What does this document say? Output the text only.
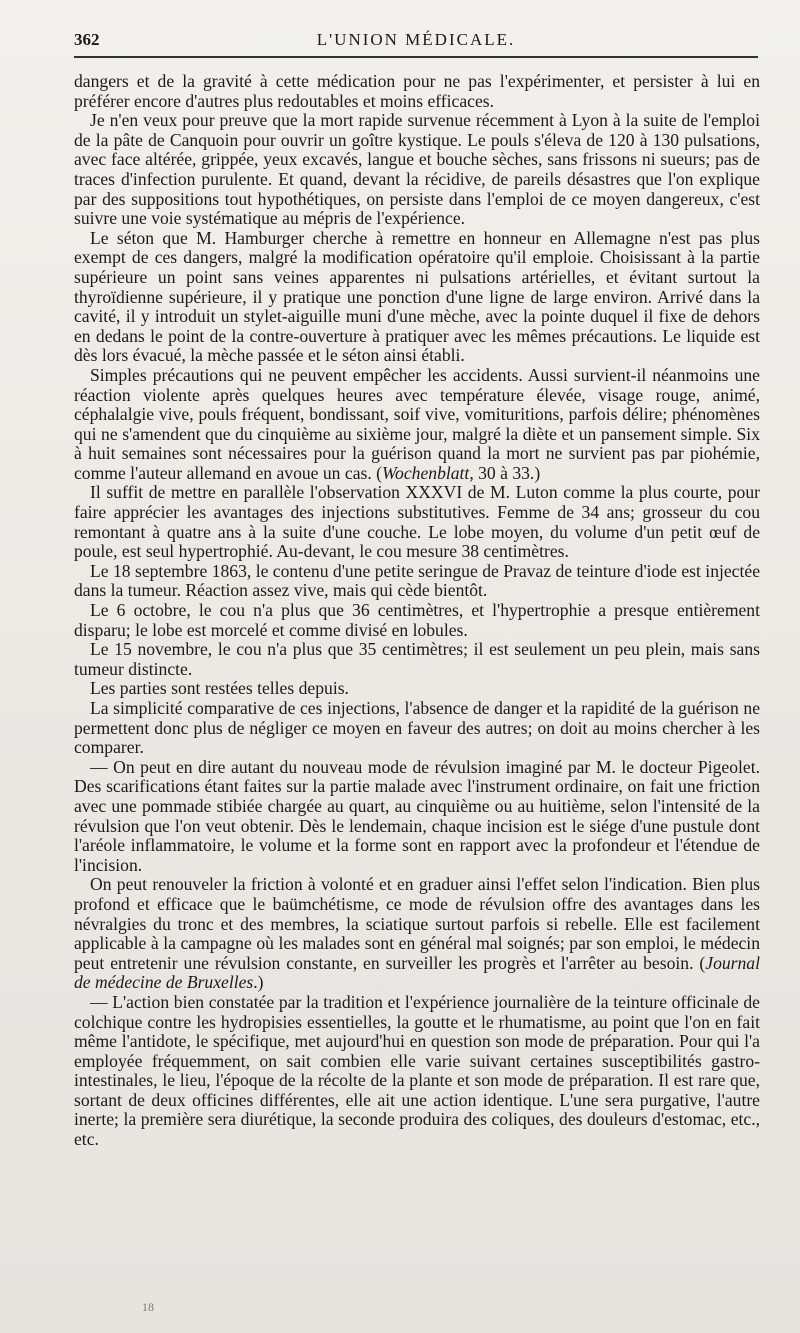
362	L'UNION MÉDICALE.

dangers et de la gravité à cette médication pour ne pas l'expérimenter, et persister à lui en préférer encore d'autres plus redoutables et moins efficaces.

Je n'en veux pour preuve que la mort rapide survenue récemment à Lyon à la suite de l'emploi de la pâte de Canquoin pour ouvrir un goître kystique. Le pouls s'éleva de 120 à 130 pulsations, avec face altérée, grippée, yeux excavés, langue et bouche sèches, sans frissons ni sueurs; pas de traces d'infection purulente. Et quand, devant la récidive, de pareils désastres que l'on explique par des suppositions tout hypothétiques, on persiste dans l'emploi de ce moyen dangereux, c'est suivre une voie systématique au mépris de l'expérience.

Le séton que M. Hamburger cherche à remettre en honneur en Allemagne n'est pas plus exempt de ces dangers, malgré la modification opératoire qu'il emploie. Choisissant à la partie supérieure un point sans veines apparentes ni pulsations artérielles, et évitant surtout la thyroïdienne supérieure, il y pratique une ponction d'une ligne de large environ. Arrivé dans la cavité, il y introduit un stylet-aiguille muni d'une mèche, avec la pointe duquel il fixe de dehors en dedans le point de la contre-ouverture à pratiquer avec les mêmes précautions. Le liquide est dès lors évacué, la mèche passée et le séton ainsi établi.

Simples précautions qui ne peuvent empêcher les accidents. Aussi survient-il néanmoins une réaction violente après quelques heures avec température élevée, visage rouge, animé, céphalalgie vive, pouls fréquent, bondissant, soif vive, vomituritions, parfois délire; phénomènes qui ne s'amendent que du cinquième au sixième jour, malgré la diète et un pansement simple. Six à huit semaines sont nécessaires pour la guérison quand la mort ne survient pas par piohémie, comme l'auteur allemand en avoue un cas. (Wochenblatt, 30 à 33.)

Il suffit de mettre en parallèle l'observation XXXVI de M. Luton comme la plus courte, pour faire apprécier les avantages des injections substitutives. Femme de 34 ans; grosseur du cou remontant à quatre ans à la suite d'une couche. Le lobe moyen, du volume d'un petit œuf de poule, est seul hypertrophié. Au-devant, le cou mesure 38 centimètres.

Le 18 septembre 1863, le contenu d'une petite seringue de Pravaz de teinture d'iode est injectée dans la tumeur. Réaction assez vive, mais qui cède bientôt.

Le 6 octobre, le cou n'a plus que 36 centimètres, et l'hypertrophie a presque entièrement disparu; le lobe est morcelé et comme divisé en lobules.

Le 15 novembre, le cou n'a plus que 35 centimètres; il est seulement un peu plein, mais sans tumeur distincte.

Les parties sont restées telles depuis.

La simplicité comparative de ces injections, l'absence de danger et la rapidité de la guérison ne permettent donc plus de négliger ce moyen en faveur des autres; on doit au moins chercher à les comparer.

— On peut en dire autant du nouveau mode de révulsion imaginé par M. le docteur Pigeolet. Des scarifications étant faites sur la partie malade avec l'instrument ordinaire, on fait une friction avec une pommade stibiée chargée au quart, au cinquième ou au huitième, selon l'intensité de la révulsion que l'on veut obtenir. Dès le lendemain, chaque incision est le siége d'une pustule dont l'aréole inflammatoire, le volume et la forme sont en rapport avec la profondeur et l'étendue de l'incision.

On peut renouveler la friction à volonté et en graduer ainsi l'effet selon l'indication. Bien plus profond et efficace que le baümchétisme, ce mode de révulsion offre des avantages dans les névralgies du tronc et des membres, la sciatique surtout parfois si rebelle. Elle est facilement applicable à la campagne où les malades sont en général mal soignés; par son emploi, le médecin peut entretenir une révulsion constante, en surveiller les progrès et l'arrêter au besoin. (Journal de médecine de Bruxelles.)

— L'action bien constatée par la tradition et l'expérience journalière de la teinture officinale de colchique contre les hydropisies essentielles, la goutte et le rhumatisme, au point que l'on en fait même l'antidote, le spécifique, met aujourd'hui en question son mode de préparation. Pour qui l'a employée fréquemment, on sait combien elle varie suivant certaines susceptibilités gastro-intestinales, le lieu, l'époque de la récolte de la plante et son mode de préparation. Il est rare que, sortant de deux officines différentes, elle ait une action identique. L'une sera purgative, l'autre inerte; la première sera diurétique, la seconde produira des coliques, des douleurs d'estomac, etc., etc.

18
